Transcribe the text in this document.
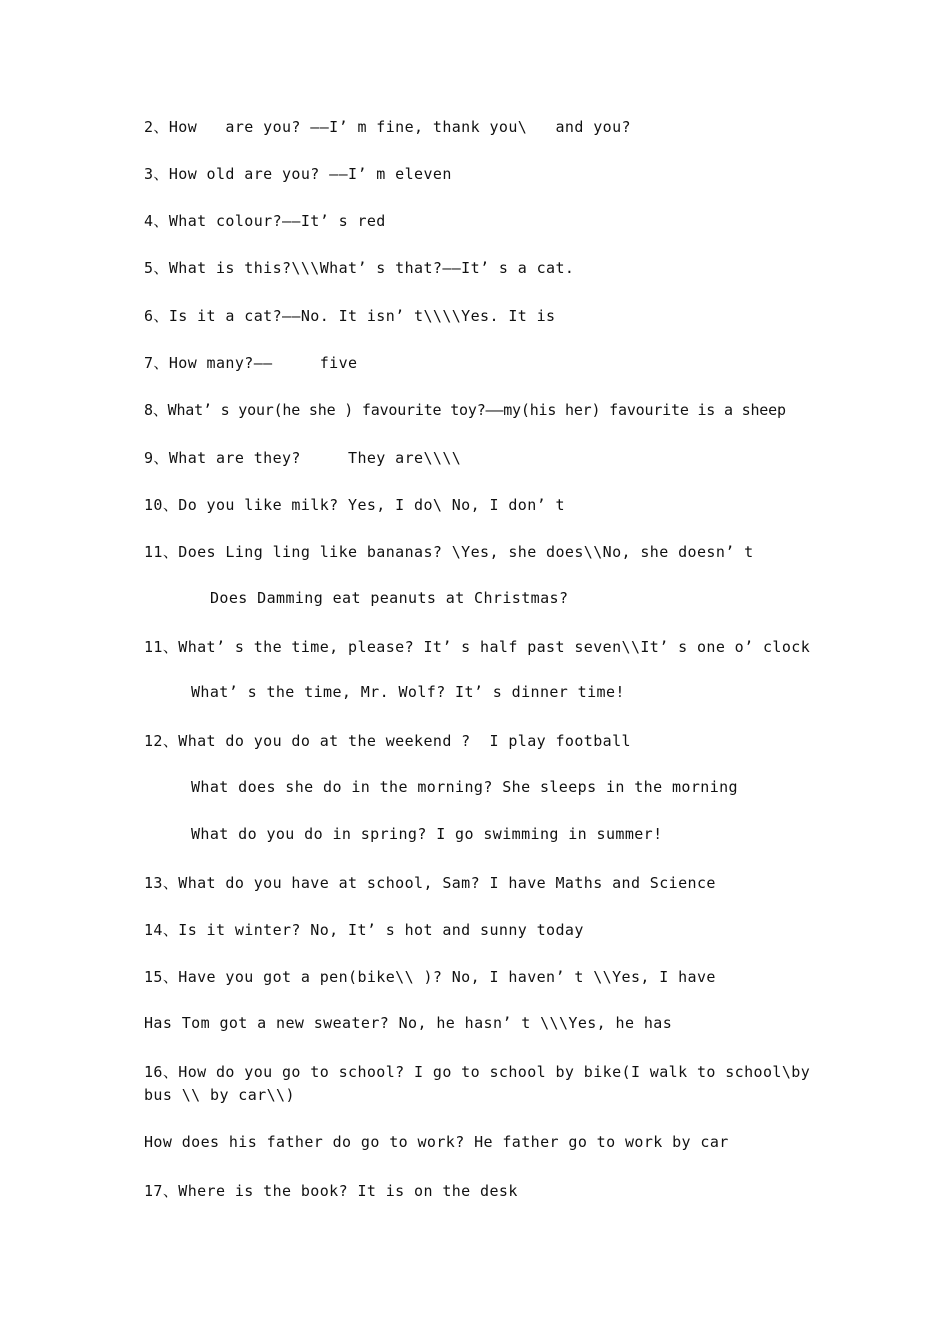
2、How   are you? ——I’ m fine, thank you\   and you?
3、How old are you? ——I’ m eleven
4、What colour?——It’ s red
5、What is this?\\\What’ s that?——It’ s a cat.
6、Is it a cat?——No. It isn’ t\\\\Yes. It is
7、How many?——     five
8、What’ s your(he she ) favourite toy?——my(his her) favourite is a sheep
9、What are they?     They are\\\\
10、Do you like milk? Yes, I do\ No, I don’ t
11、Does Ling ling like bananas? \Yes, she does\\No, she doesn’ t
Does Damming eat peanuts at Christmas?
11、What’ s the time, please? It’ s half past seven\\It’ s one o’ clock
What’ s the time, Mr. Wolf? It’ s dinner time!
12、What do you do at the weekend ?  I play football
What does she do in the morning? She sleeps in the morning
What do you do in spring? I go swimming in summer!
13、What do you have at school, Sam? I have Maths and Science
14、Is it winter? No, It’ s hot and sunny today
15、Have you got a pen(bike\\ )? No, I haven’ t \\Yes, I have
Has Tom got a new sweater? No, he hasn’ t \\\Yes, he has
16、How do you go to school? I go to school by bike(I walk to school\by
bus \\ by car\\)
How does his father do go to work? He father go to work by car
17、Where is the book? It is on the desk
